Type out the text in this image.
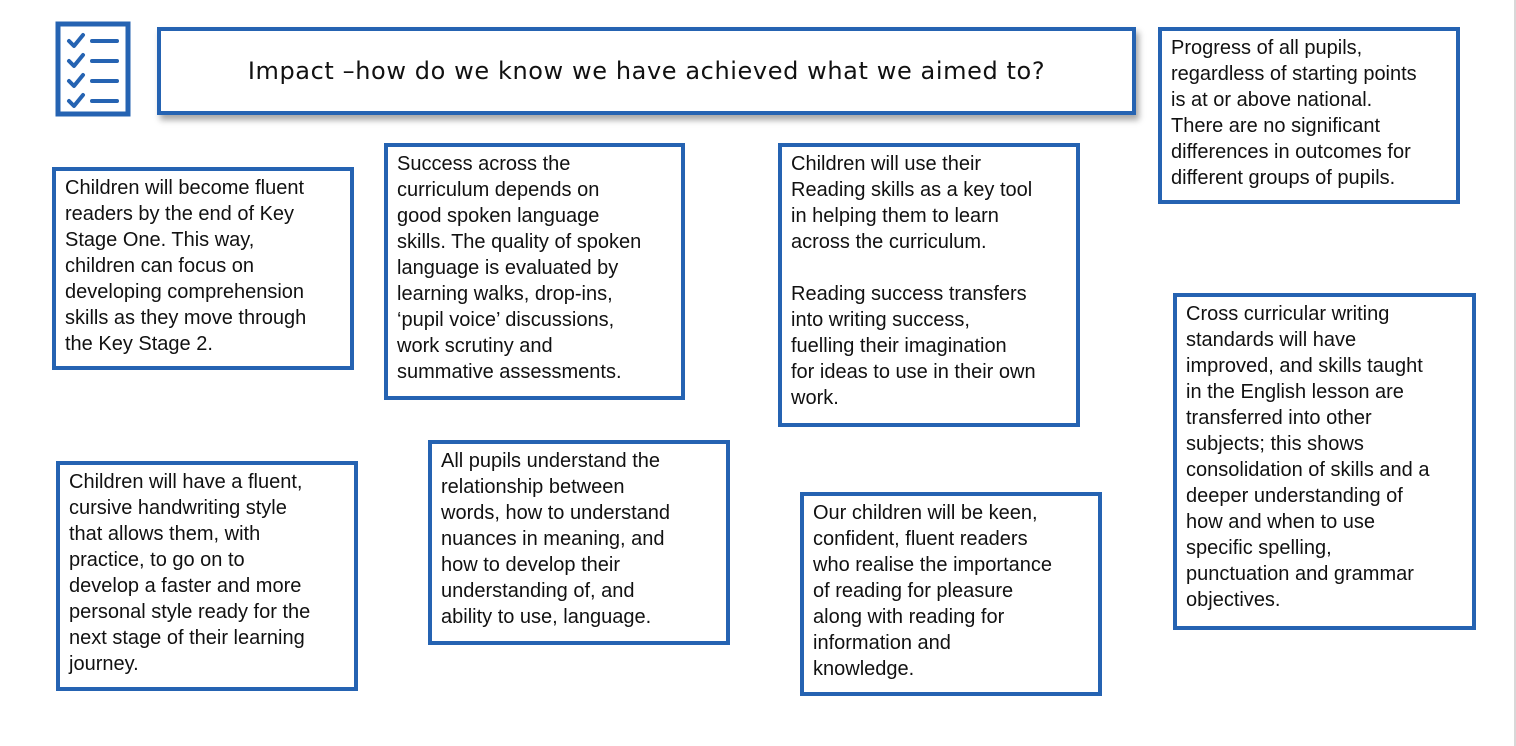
Impact –how do we know we have achieved what we aimed to?
Children will become fluent
readers by the end of Key
Stage One. This way,
children can focus on
developing comprehension
skills as they move through
the Key Stage 2.
Success across the
curriculum depends on
good spoken language
skills. The quality of spoken
language is evaluated by
learning walks, drop-ins,
‘pupil voice’ discussions,
work scrutiny and
summative assessments.
Children will use their
Reading skills as a key tool
in helping them to learn
across the curriculum.

Reading success transfers
into writing success,
fuelling their imagination
for ideas to use in their own
work.
Progress of all pupils,
regardless of starting points
is at or above national.
There are no significant
differences in outcomes for
different groups of pupils.
Cross curricular writing
standards will have
improved, and skills taught
in the English lesson are
transferred into other
subjects; this shows
consolidation of skills and a
deeper understanding of
how and when to use
specific spelling,
punctuation and grammar
objectives.
Children will have a fluent,
cursive handwriting style
that allows them, with
practice, to go on to
develop a faster and more
personal style ready for the
next stage of their learning
journey.
All pupils understand the
relationship between
words, how to understand
nuances in meaning, and
how to develop their
understanding of, and
ability to use, language.
Our children will be keen,
confident, fluent readers
who realise the importance
of reading for pleasure
along with reading for
information and
knowledge.
